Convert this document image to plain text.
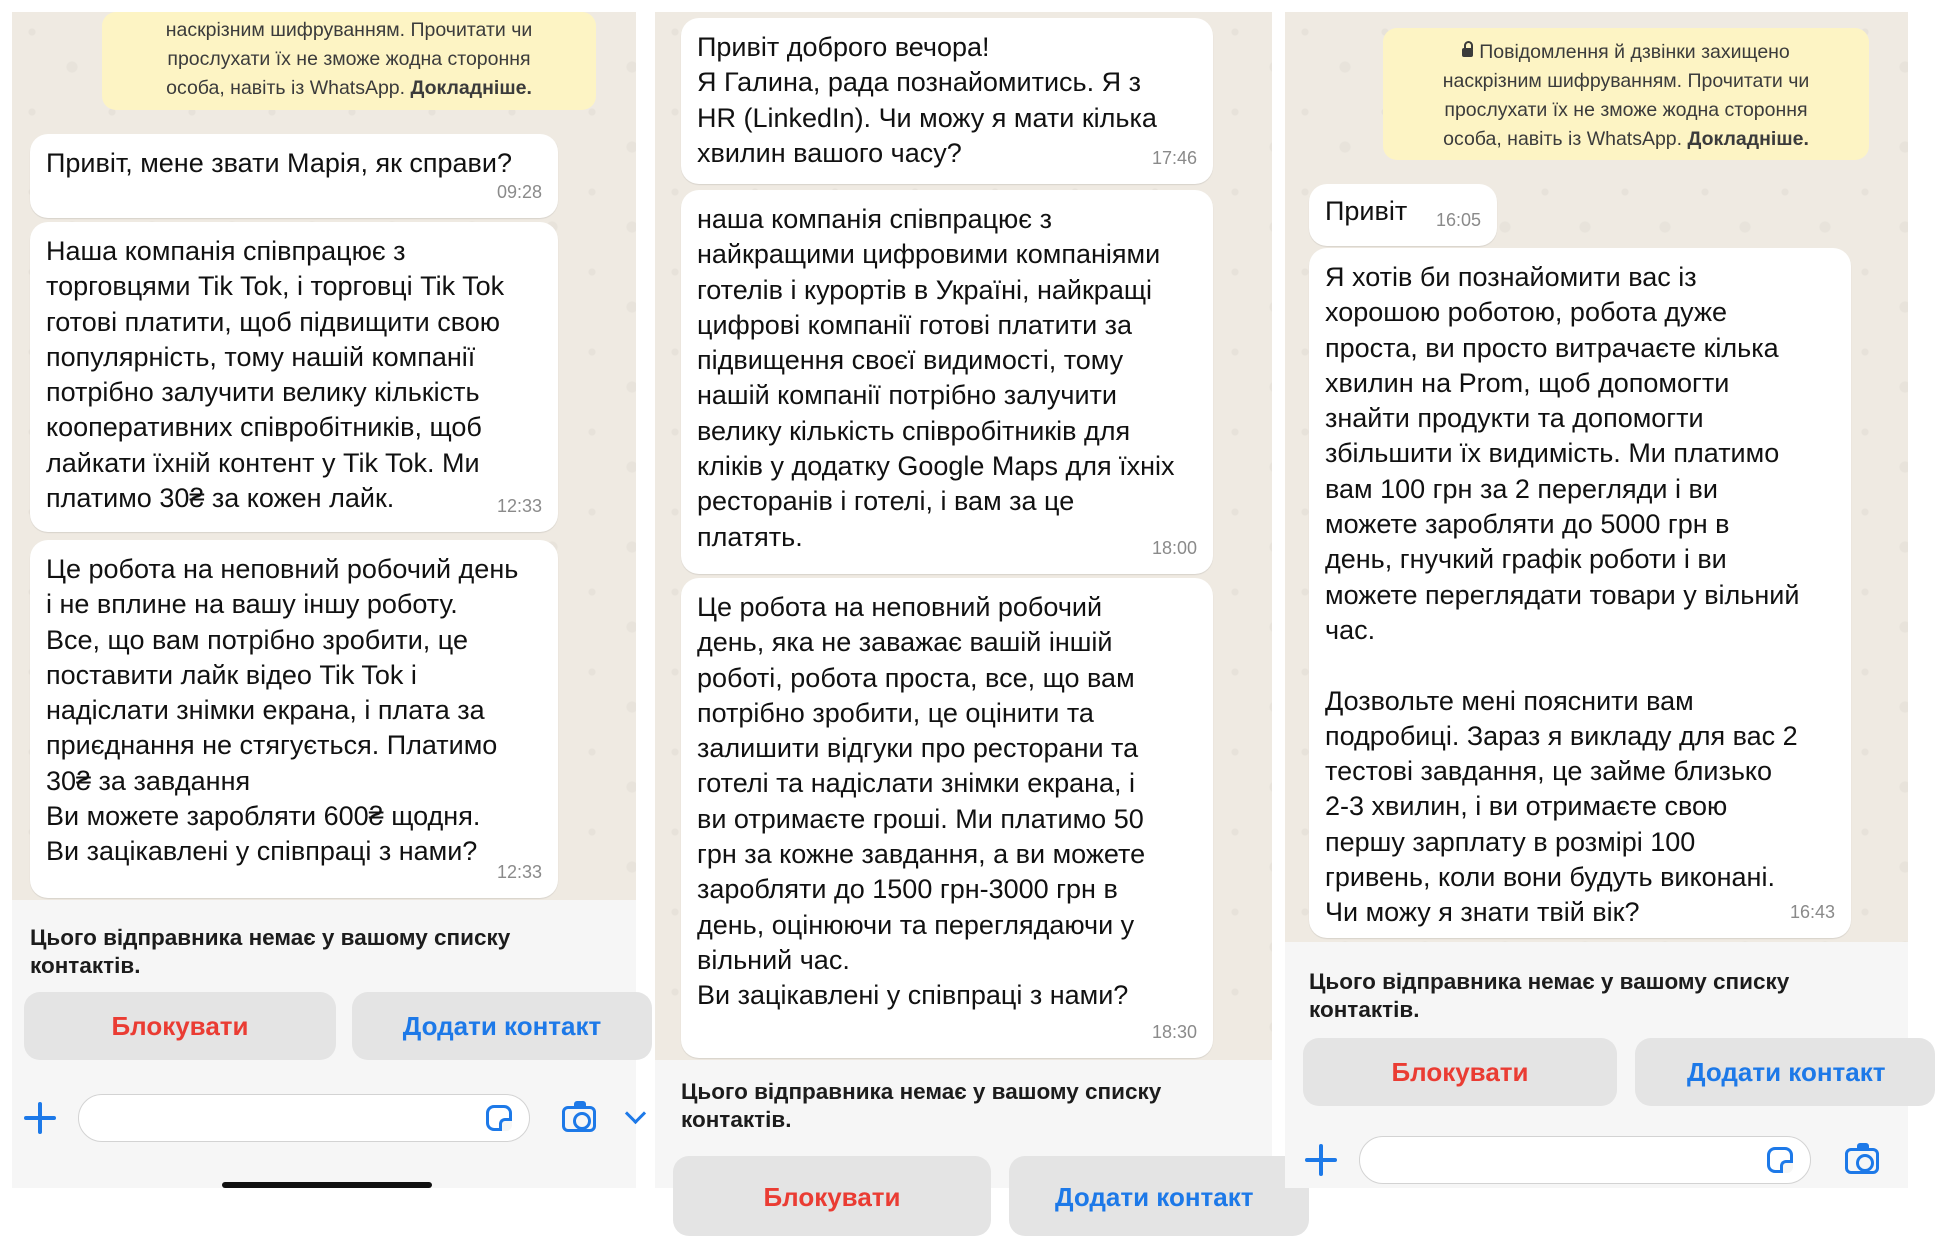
наскрізним шифруванням. Прочитати чи
прослухати їх не зможе жодна стороння
особа, навіть із WhatsApp. Докладніше.
Привіт, мене звати Марія, як справи?
09:28
Наша компанія співпрацює з
торговцями Tik Tok, і торговці Tik Tok
готові платити, щоб підвищити свою
популярність, тому нашій компанії
потрібно залучити велику кількість
кооперативних співробітників, щоб
лайкати їхній контент у Tik Tok. Ми
платимо 30₴ за кожен лайк.	12:33
Це робота на неповний робочий день
і не вплине на вашу іншу роботу.
Все, що вам потрібно зробити, це
поставити лайк відео Tik Tok і
надіслати знімки екрана, і плата за
приєднання не стягується. Платимо
30₴ за завдання
Ви можете заробляти 600₴ щодня.
Ви зацікавлені у співпраці з нами?
12:33
Цього відправника немає у вашому списку
контактів.
Блокувати	Додати контакт
Привіт доброго вечора!
Я Галина, рада познайомитись. Я з
HR (LinkedIn). Чи можу я мати кілька
хвилин вашого часу?	17:46
наша компанія співпрацює з
найкращими цифровими компаніями
готелів і курортів в Україні, найкращі
цифрові компанії готові платити за
підвищення своєї видимості, тому
нашій компанії потрібно залучити
велику кількість співробітників для
кліків у додатку Google Maps для їхніх
ресторанів і готелі, і вам за це
платять.	18:00
Це робота на неповний робочий
день, яка не заважає вашій іншій
роботі, робота проста, все, що вам
потрібно зробити, це оцінити та
залишити відгуки про ресторани та
готелі та надіслати знімки екрана, і
ви отримаєте гроші. Ми платимо 50
грн за кожне завдання, а ви можете
заробляти до 1500 грн-3000 грн в
день, оцінюючи та переглядаючи у
вільний час.
Ви зацікавлені у співпраці з нами?
18:30
Цього відправника немає у вашому списку
контактів.
Блокувати	Додати контакт
Повідомлення й дзвінки захищено
наскрізним шифруванням. Прочитати чи
прослухати їх не зможе жодна стороння
особа, навіть із WhatsApp. Докладніше.
Привіт	16:05
Я хотів би познайомити вас із
хорошою роботою, робота дуже
проста, ви просто витрачаєте кілька
хвилин на Prom, щоб допомогти
знайти продукти та допомогти
збільшити їх видимість. Ми платимо
вам 100 грн за 2 перегляди і ви
можете заробляти до 5000 грн в
день, гнучкий графік роботи і ви
можете переглядати товари у вільний
час.

Дозвольте мені пояснити вам
подробиці. Зараз я викладу для вас 2
тестові завдання, це займе близько
2-3 хвилин, і ви отримаєте свою
першу зарплату в розмірі 100
гривень, коли вони будуть виконані.
Чи можу я знати твій вік?	16:43
Цього відправника немає у вашому списку
контактів.
Блокувати	Додати контакт
